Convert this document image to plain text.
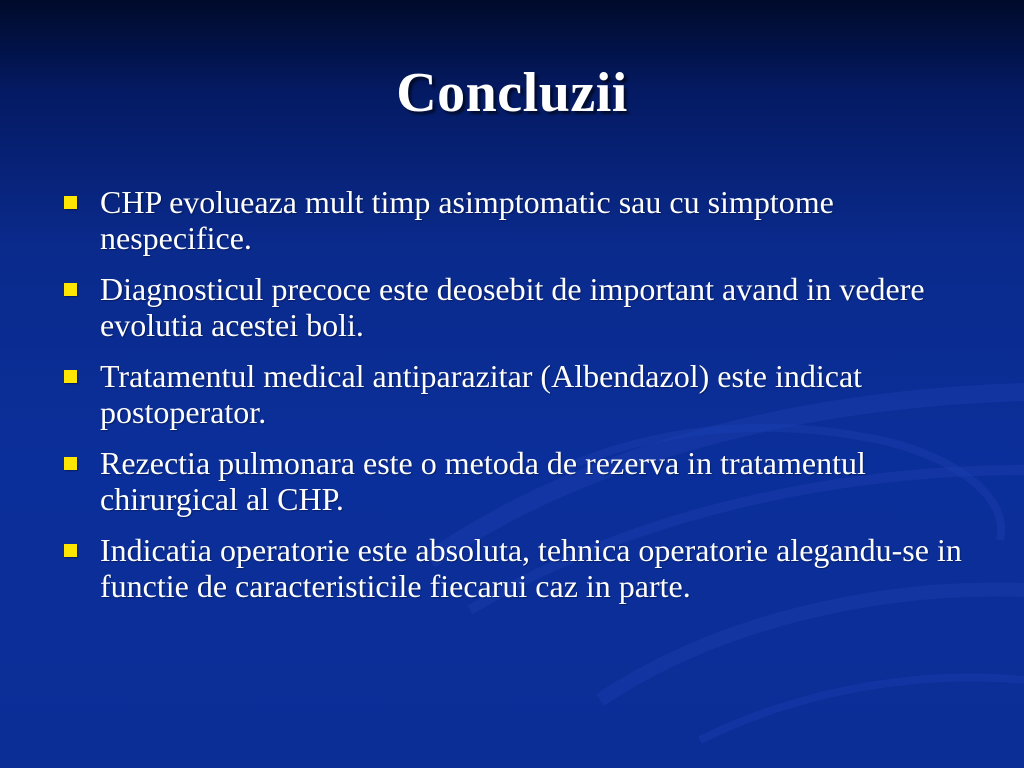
Concluzii
CHP evolueaza mult timp asimptomatic sau cu simptome nespecifice.
Diagnosticul precoce este deosebit de important avand in vedere evolutia acestei boli.
Tratamentul medical antiparazitar (Albendazol) este indicat postoperator.
Rezectia pulmonara este o metoda de rezerva in tratamentul chirurgical al CHP.
Indicatia operatorie este absoluta, tehnica operatorie alegandu-se in functie de caracteristicile fiecarui caz in parte.
